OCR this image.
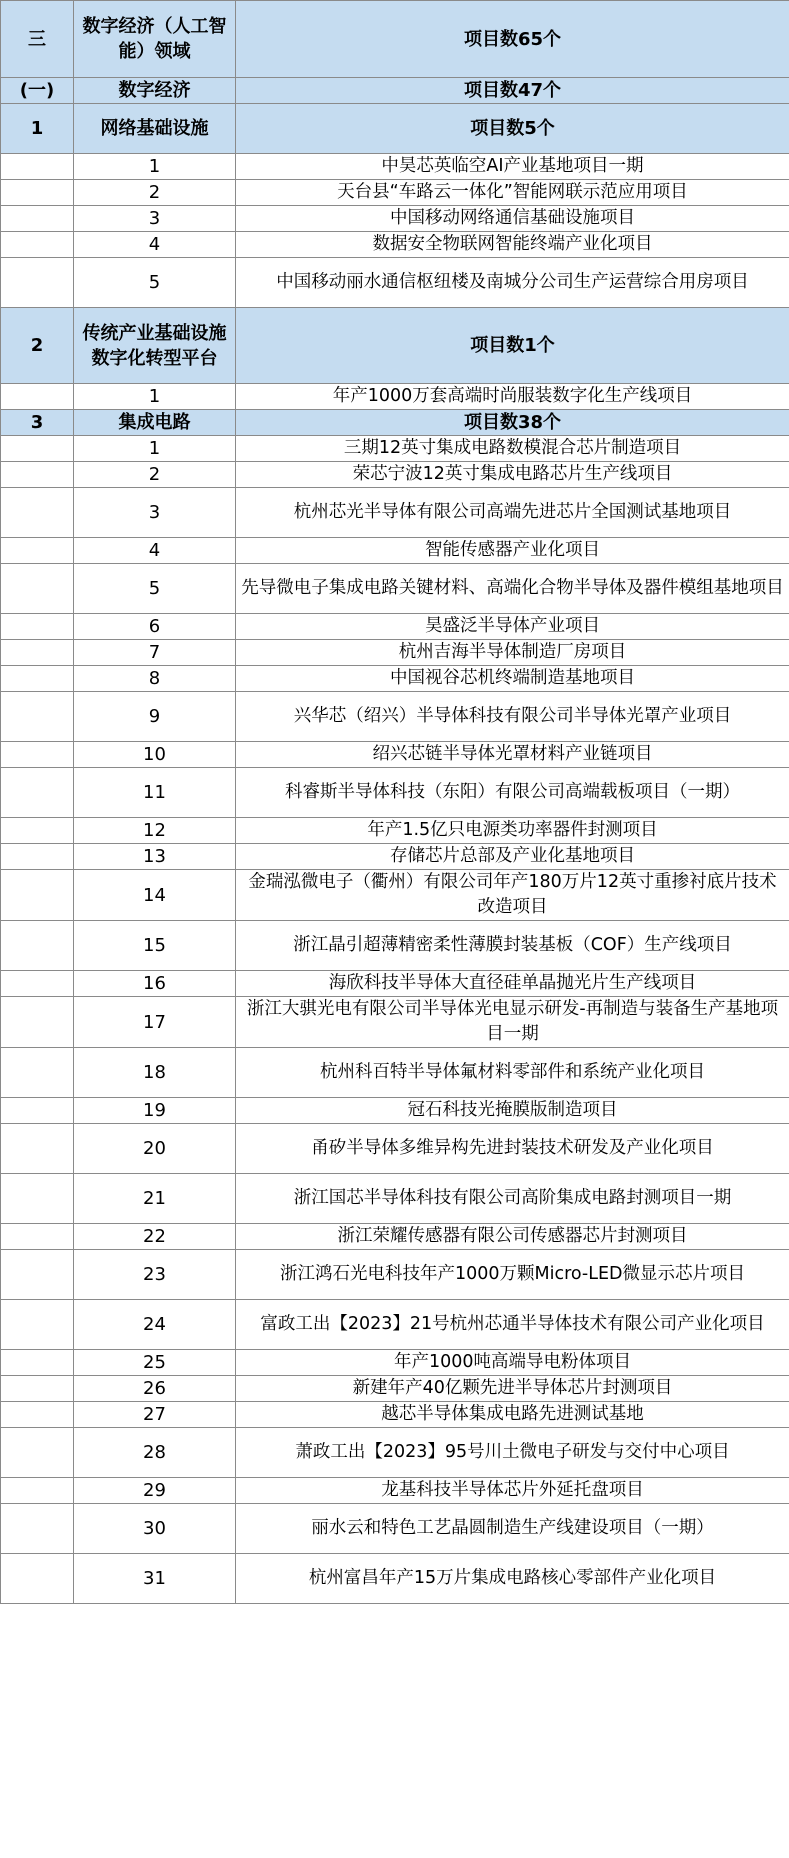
三	数字经济（人工智能）领域	项目数65个
(一)	数字经济	项目数47个
1	网络基础设施	项目数5个
	1	中昊芯英临空AI产业基地项目一期
	2	天台县“车路云一体化”智能网联示范应用项目
	3	中国移动网络通信基础设施项目
	4	数据安全物联网智能终端产业化项目
	5	中国移动丽水通信枢纽楼及南城分公司生产运营综合用房项目
2	传统产业基础设施数字化转型平台	项目数1个
	1	年产1000万套高端时尚服装数字化生产线项目
3	集成电路	项目数38个
	1	三期12英寸集成电路数模混合芯片制造项目
	2	荣芯宁波12英寸集成电路芯片生产线项目
	3	杭州芯光半导体有限公司高端先进芯片全国测试基地项目
	4	智能传感器产业化项目
	5	先导微电子集成电路关键材料、高端化合物半导体及器件模组基地项目
	6	昊盛泛半导体产业项目
	7	杭州吉海半导体制造厂房项目
	8	中国视谷芯机终端制造基地项目
	9	兴华芯（绍兴）半导体科技有限公司半导体光罩产业项目
	10	绍兴芯链半导体光罩材料产业链项目
	11	科睿斯半导体科技（东阳）有限公司高端载板项目（一期）
	12	年产1.5亿只电源类功率器件封测项目
	13	存储芯片总部及产业化基地项目
	14	金瑞泓微电子（衢州）有限公司年产180万片12英寸重掺衬底片技术改造项目
	15	浙江晶引超薄精密柔性薄膜封装基板（COF）生产线项目
	16	海欣科技半导体大直径硅单晶抛光片生产线项目
	17	浙江大骐光电有限公司半导体光电显示研发-再制造与装备生产基地项目一期
	18	杭州科百特半导体氟材料零部件和系统产业化项目
	19	冠石科技光掩膜版制造项目
	20	甬矽半导体多维异构先进封装技术研发及产业化项目
	21	浙江国芯半导体科技有限公司高阶集成电路封测项目一期
	22	浙江荣耀传感器有限公司传感器芯片封测项目
	23	浙江鸿石光电科技年产1000万颗Micro-LED微显示芯片项目
	24	富政工出【2023】21号杭州芯通半导体技术有限公司产业化项目
	25	年产1000吨高端导电粉体项目
	26	新建年产40亿颗先进半导体芯片封测项目
	27	越芯半导体集成电路先进测试基地
	28	萧政工出【2023】95号川土微电子研发与交付中心项目
	29	龙基科技半导体芯片外延托盘项目
	30	丽水云和特色工艺晶圆制造生产线建设项目（一期）
	31	杭州富昌年产15万片集成电路核心零部件产业化项目
